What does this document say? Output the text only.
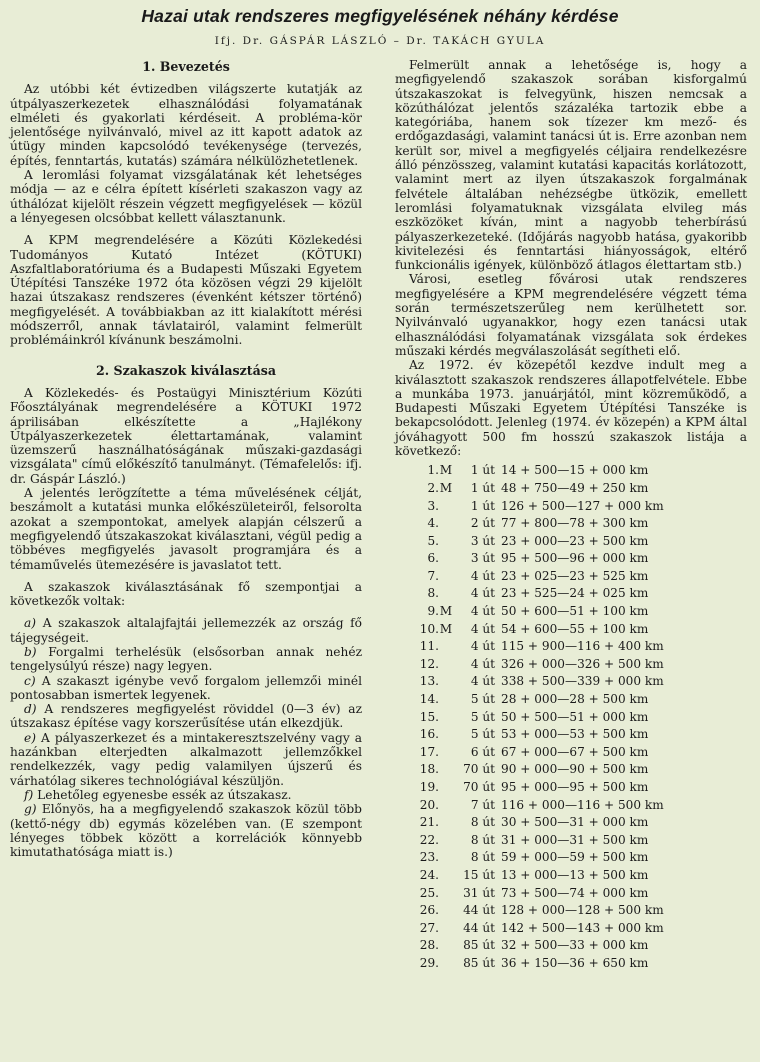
Hazai utak rendszeres megfigyelésének néhány kérdése
Ifj. Dr. GÁSPÁR LÁSZLÓ – Dr. TAKÁCH GYULA
1. Bevezetés

Az utóbbi két évtizedben világszerte kutatják az útpályaszerkezetek elhasználódási folyamatának elméleti és gyakorlati kérdéseit. A probléma-kör jelentősége nyilvánvaló, mivel az itt kapott adatok az útügy minden kapcsolódó tevékenysége (tervezés, építés, fenntartás, kutatás) számára nélkülözhetetlenek.

A leromlási folyamat vizsgálatának két lehetséges módja — az e célra épített kísérleti szakaszon vagy az úthálózat kijelölt részein végzett megfigyelések — közül a lényegesen olcsóbbat kellett választanunk.

A KPM megrendelésére a Közúti Közlekedési Tudományos Kutató Intézet (KÖTUKI) Aszfaltlaboratóriuma és a Budapesti Műszaki Egyetem Útépítési Tanszéke 1972 óta közösen végzi 29 kijelölt hazai útszakasz rendszeres (évenként kétszer történő) megfigyelését. A továbbiakban az itt kialakított mérési módszerről, annak távlatairól, valamint felmerült problémáinkról kívánunk beszámolni.

2. Szakaszok kiválasztása

A Közlekedés- és Postaügyi Minisztérium Közúti Főosztályának megrendelésére a KÖTUKI 1972 áprilisában elkészítette a „Hajlékony Útpályaszerkezetek élettartamának, valamint üzemszerű használhatóságának műszaki-gazdasági vizsgálata" című előkészítő tanulmányt. (Témafelelős: ifj. dr. Gáspár László.)

A jelentés lerögzítette a téma művelésének célját, beszámolt a kutatási munka előkészületeiről, felsorolta azokat a szempontokat, amelyek alapján célszerű a megfigyelendő útszakaszokat kiválasztani, végül pedig a többéves megfigyelés javasolt programjára és a témaművelés ütemezésére is javaslatot tett.

A szakaszok kiválasztásának fő szempontjai a következők voltak:

a) A szakaszok altalajfajtái jellemezzék az ország fő tájegységeit.

b) Forgalmi terhelésük (elsősorban annak nehéz tengelysúlyú része) nagy legyen.

c) A szakaszt igénybe vevő forgalom jellemzői minél pontosabban ismertek legyenek.

d) A rendszeres megfigyelést röviddel (0—3 év) az útszakasz építése vagy korszerűsítése után elkezdjük.

e) A pályaszerkezet és a mintakeresztszelvény vagy a hazánkban elterjedten alkalmazott jellemzőkkel rendelkezzék, vagy pedig valamilyen újszerű és várhatólag sikeres technológiával készüljön.

f) Lehetőleg egyenesbe essék az útszakasz.

g) Előnyös, ha a megfigyelendő szakaszok közül több (kettő-négy db) egymás közelében van. (E szempont lényeges többek között a korrelációk könnyebb kimutathatósága miatt is.)

Felmerült annak a lehetősége is, hogy a megfigyelendő szakaszok sorában kisforgalmú útszakaszokat is felvegyünk, hiszen nemcsak a közúthálózat jelentős százaléka tartozik ebbe a kategóriába, hanem sok tízezer km mező- és erdőgazdasági, valamint tanácsi út is. Erre azonban nem került sor, mivel a megfigyelés céljaira rendelkezésre álló pénzösszeg, valamint kutatási kapacitás korlátozott, valamint mert az ilyen útszakaszok forgalmának felvétele általában nehézségbe ütközik, emellett leromlási folyamatuknak vizsgálata elvileg más eszközöket kíván, mint a nagyobb teherbírású pályaszerkezeteké. (Időjárás nagyobb hatása, gyakoribb kivitelezési és fenntartási hiányosságok, eltérő funkcionális igények, különböző átlagos élettartam stb.)

Városi, esetleg fővárosi utak rendszeres megfigyelésére a KPM megrendelésére végzett téma során természetszerűleg nem kerülhetett sor. Nyilvánvaló ugyanakkor, hogy ezen tanácsi utak elhasználódási folyamatának vizsgálata sok érdekes műszaki kérdés megválaszolását segítheti elő.

Az 1972. év közepétől kezdve indult meg a kiválasztott szakaszok rendszeres állapotfelvétele. Ebbe a munkába 1973. januárjától, mint közreműködő, a Budapesti Műszaki Egyetem Útépítési Tanszéke is bekapcsolódott. Jelenleg (1974. év közepén) a KPM által jóváhagyott 500 fm hosszú szakaszok listája a következő:

1. M	1 út 14 + 500—15 + 000 km
2. M	1 út 48 + 750—49 + 250 km
3.	1 út 126 + 500—127 + 000 km
4.	2 út 77 + 800—78 + 300 km
5.	3 út 23 + 000—23 + 500 km
6.	3 út 95 + 500—96 + 000 km
7.	4 út 23 + 025—23 + 525 km
8.	4 út 23 + 525—24 + 025 km
9. M	4 út 50 + 600—51 + 100 km
10. M	4 út 54 + 600—55 + 100 km
11.	4 út 115 + 900—116 + 400 km
12.	4 út 326 + 000—326 + 500 km
13.	4 út 338 + 500—339 + 000 km
14.	5 út 28 + 000—28 + 500 km
15.	5 út 50 + 500—51 + 000 km
16.	5 út 53 + 000—53 + 500 km
17.	6 út 67 + 000—67 + 500 km
18.	70 út 90 + 000—90 + 500 km
19.	70 út 95 + 000—95 + 500 km
20.	7 út 116 + 000—116 + 500 km
21.	8 út 30 + 500—31 + 000 km
22.	8 út 31 + 000—31 + 500 km
23.	8 út 59 + 000—59 + 500 km
24.	15 út 13 + 000—13 + 500 km
25.	31 út 73 + 500—74 + 000 km
26.	44 út 128 + 000—128 + 500 km
27.	44 út 142 + 500—143 + 000 km
28.	85 út 32 + 500—33 + 000 km
29.	85 út 36 + 150—36 + 650 km
